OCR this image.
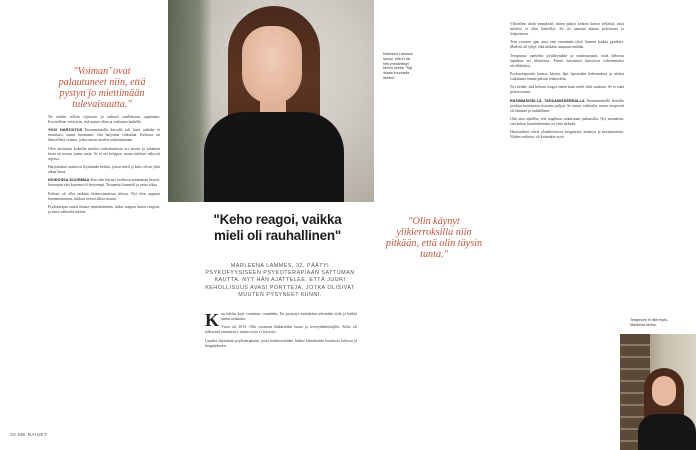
"Voiman’ ovat palautuneet niin, että pystyn jo miettimään tulevaisuutta."

Ne tehtiin silloin sujuvasti ja tarkasti mielikuvan oppimista. Kaviselleen vetäytyin, että tuntui siltaa ja vaikuttaa kaikelle.

YKSI HARJOITUS Ensimmäisellä kerralla tuli kuin mikään ei muuttuisi, mutta huomasin, että harjoitus vaikuttaa. Kehossa on ihmeellisiä voimia, jotka saavat mielen rauhoittumaan.

Olen aloittanut kokeilla mielen rauhoittamista eri tavoin ja jokainen kerta on tuonut jotain uutta. Se ei ole helppoa, mutta tulokset näkyvät arjessa.

Harjoitukset auttoivat löytämään hetkiä, joissa mieli ja keho olivat yhtä aikaa läsnä.

HOIDOSSA KUORMAA Kun olin käynyt hoidossa useamman kerran, huomasin että kuorma oli kevyempi. Terapeutti kuunteli ja antoi aikaa.

Kehoni oli ollut pitkään hermostuneessa tilassa. Nyt olen oppinut havainnoimaan, milloin stressi alkaa nousta.

Psykoterapia auttoi minua ymmärtämään, miksi reagoin kuten reagoin, ja antoi välineitä arkeen.

Marleena Lammes sanoo, että ei ole heti ymmärtänyt kehon oireita. "Nyt osaan kuunnella itseäni."
"Keho reagoi, vaikka mieli oli rauhallinen"
MARLEENA LAMMES, 32, PÄÄTYI PSYKOFYYSISEEN PSYKOTERAPIAAN SATTUMAN KAUTTA. NYT HÄN AJATTELEE, ETTÄ JUURI KEHOLLISUUS AVASI PORTTEJA, JOTKA OLISIVAT MUUTEN PYSYNEET KIINNI.
"Olin käynyt ylikierroksilla niin pitkään, että olin täysin tunta."

Kun käviin kyyt voiminut, romahdin. En pystynyt mitenkään tekemään töitä ja kaikki tuntui raskaalta.

Vuosi oli 2019. Olin ravannut lääkäreiden luona ja terveydenhoitajilla. Keho oli jatkuvasti jännittynyt, mutta syytä ei löytynyt.

Lopulta ohjauduin psykoterapiaan, jossa keskusteluiden lisäksi kiinnitettiin huomiota kehoon ja hengitykseen.

Vähitellen aloin ymmärtää, miten paljon kehoni kantoi sellaista, mitä mieleni ei ollut käsitellyt. Se oli samaan aikaan pelottavaa ja helpottavaa.

Tein vuosien ajan aina vain enemmän töitä, kunnes kaikki pysähtyi. Mieleni oli tyhjä, eikä mikään tuntunut miltään.

Terapiassa opettelin pysähtymään ja tunnistamaan, mitä kehossa tapahtuu eri tilanteissa. Pienet havainnot kasvoivat vahvemmiksi oivalluksiksi.

Psykoterapeutin kanssa käytiin läpi lapsuuden kokemuksia ja niiden vaikutusta tämän päivän reaktioihin.

Nyt tiedän, että kehoni reagoi ennen kuin mieli ehtii mukaan. Se ei enää pelota minua.

ENSIMMÄISELLÄ TAPAAMISKERRALLA Ensimmäisellä kerralla jouduin kertomaan itsestäni paljon. Se tuntui vaikealta, mutta terapeutti oli lämmin ja rauhallinen.

Olin aina ajatellut, että ongelmat ratkaistaan puhumalla. Nyt ymmärsin, että kehon kuunteleminen on yhtä tärkeää.

Harjoitukset olivat yksinkertaisia: hengitystä, asentoja ja havainnointia. Niiden vaikutus oli kuitenkin syvä.

Terapeutin ei riitä myös, Marleena kertoo.
34 ME NAISET
